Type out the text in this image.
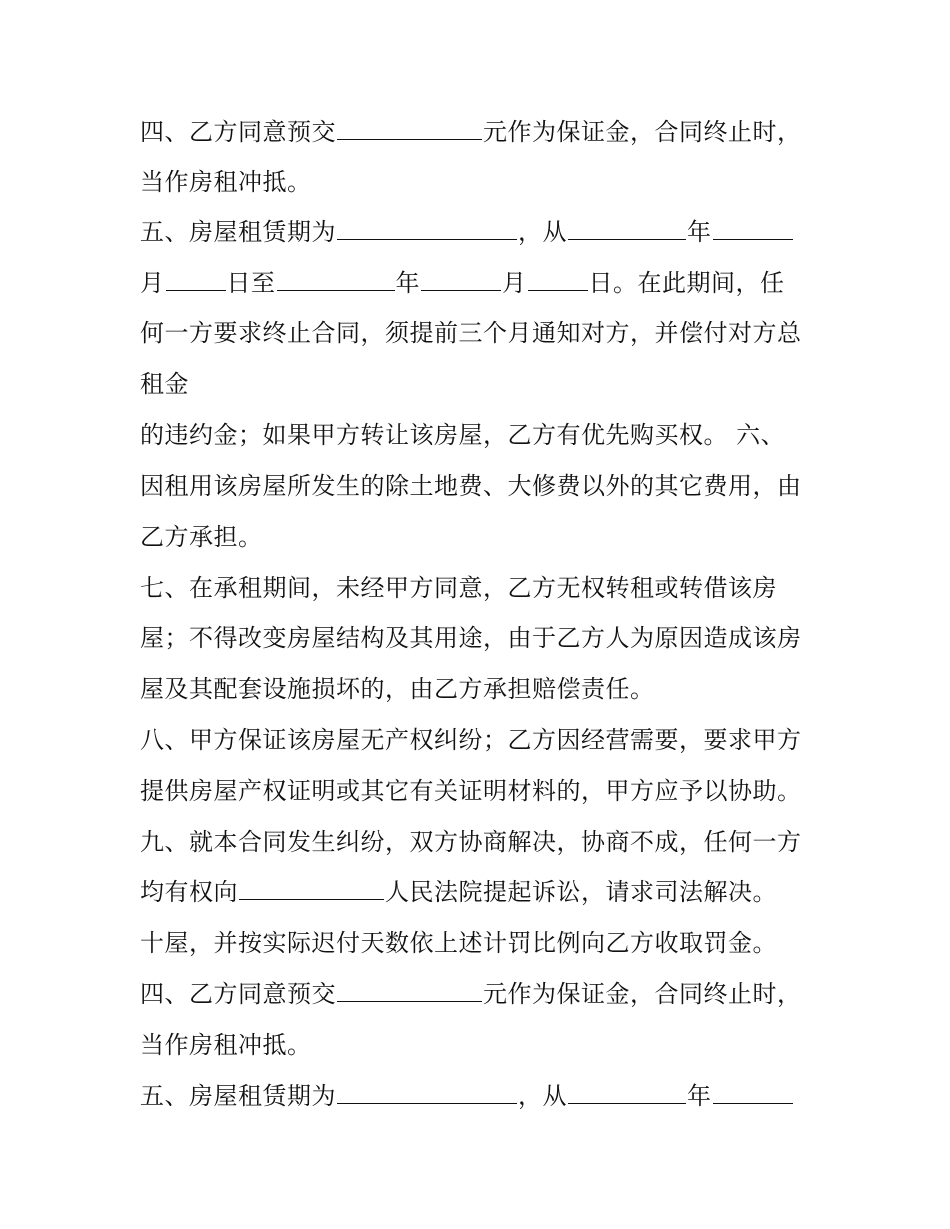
四、乙方同意预交	元作为保证金，合同终止时，
当作房租冲抵。
五、房屋租赁期为	，从	年
月	日至	年	月	日。在此期间，任
何一方要求终止合同，须提前三个月通知对方，并偿付对方总
租金
的违约金；如果甲方转让该房屋，乙方有优先购买权。 六、
因租用该房屋所发生的除土地费、大修费以外的其它费用，由
乙方承担。
七、在承租期间，未经甲方同意，乙方无权转租或转借该房
屋；不得改变房屋结构及其用途，由于乙方人为原因造成该房
屋及其配套设施损坏的，由乙方承担赔偿责任。
八、甲方保证该房屋无产权纠纷；乙方因经营需要，要求甲方
提供房屋产权证明或其它有关证明材料的，甲方应予以协助。
九、就本合同发生纠纷，双方协商解决，协商不成，任何一方
均有权向	人民法院提起诉讼，请求司法解决。
十屋，并按实际迟付天数依上述计罚比例向乙方收取罚金。
四、乙方同意预交	元作为保证金，合同终止时，
当作房租冲抵。
五、房屋租赁期为	，从	年
